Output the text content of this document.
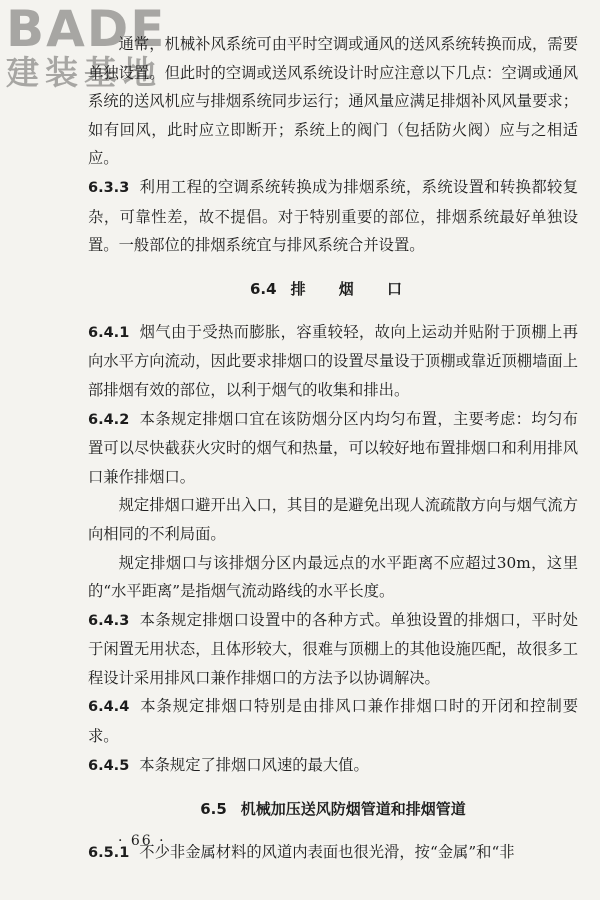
BADE
建装基地

通常，机械补风系统可由平时空调或通风的送风系统转换而成，需要单独设置。但此时的空调或送风系统设计时应注意以下几点：空调或通风系统的送风机应与排烟系统同步运行；通风量应满足排烟补风风量要求；如有回风，此时应立即断开；系统上的阀门（包括防火阀）应与之相适应。

6.3.3 利用工程的空调系统转换成为排烟系统，系统设置和转换都较复杂，可靠性差，故不提倡。对于特别重要的部位，排烟系统最好单独设置。一般部位的排烟系统宜与排风系统合并设置。

6.4 排 烟 口

6.4.1 烟气由于受热而膨胀，容重较轻，故向上运动并贴附于顶棚上再向水平方向流动，因此要求排烟口的设置尽量设于顶棚或靠近顶棚墙面上部排烟有效的部位，以利于烟气的收集和排出。

6.4.2 本条规定排烟口宜在该防烟分区内均匀布置，主要考虑：均匀布置可以尽快截获火灾时的烟气和热量，可以较好地布置排烟口和利用排风口兼作排烟口。

规定排烟口避开出入口，其目的是避免出现人流疏散方向与烟气流方向相同的不利局面。

规定排烟口与该排烟分区内最远点的水平距离不应超过30m，这里的“水平距离”是指烟气流动路线的水平长度。

6.4.3 本条规定排烟口设置中的各种方式。单独设置的排烟口，平时处于闲置无用状态，且体形较大，很难与顶棚上的其他设施匹配，故很多工程设计采用排风口兼作排烟口的方法予以协调解决。

6.4.4 本条规定排烟口特别是由排风口兼作排烟口时的开闭和控制要求。

6.4.5 本条规定了排烟口风速的最大值。

6.5 机械加压送风防烟管道和排烟管道

6.5.1 不少非金属材料的风道内表面也很光滑，按“金属”和“非

· 66 ·
